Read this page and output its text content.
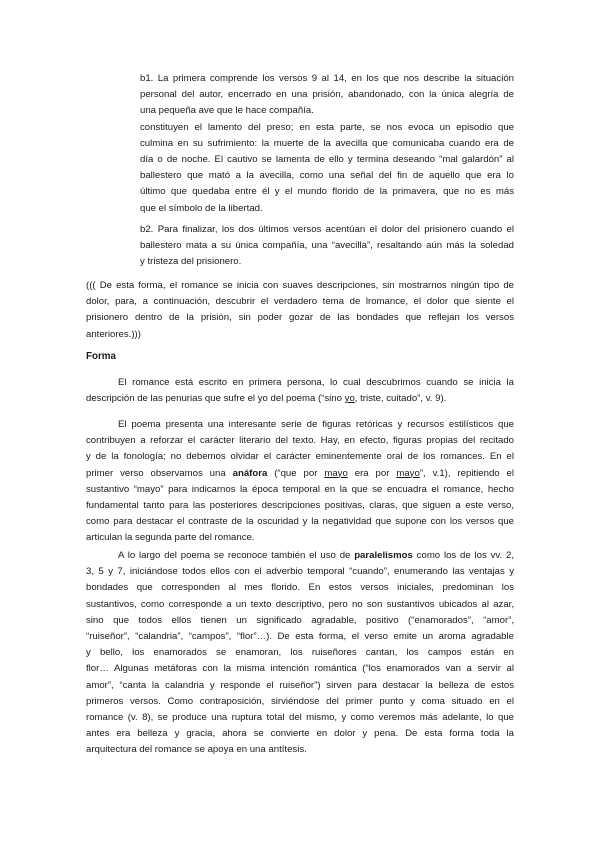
b1. La primera comprende los versos 9 al 14, en los que nos describe la situación
personal del autor, encerrado en una prisión, abandonado, con la única alegría de
una pequeña ave que le hace compañía.
constituyen el lamento del preso; en esta parte, se nos evoca un episodio que
culmina en su sufrimiento: la muerte de la avecilla que comunicaba cuando era de
día o de noche. El cautivo se lamenta de ello y termina deseando “mal galardón” al
ballestero que mató a la avecilla, como una señal del fin de aquello que era lo
último que quedaba entre él y el mundo florido de la primavera, que no es más
que el símbolo de la libertad.
b2. Para finalizar, los dos últimos versos acentúan el dolor del prisionero cuando el
ballestero mata a su única compañía, una “avecilla”, resaltando aún más la soledad
y tristeza del prisionero.
((( De esta forma, el romance se inicia con suaves descripciones, sin mostrarnos ningún tipo de
dolor, para, a continuación, descubrir el verdadero tema de lromance, el dolor que siente el
prisionero dentro de la prisión, sin poder gozar de las bondades que reflejan los versos
anteriores.)))
Forma
El romance está escrito en primera persona, lo cual descubrimos cuando se inicia la
descripción de las penurias que sufre el yo del poema (“sino yo, triste, cuitado”, v. 9).
El poema presenta una interesante serie de figuras retóricas y recursos estilísticos que
contribuyen a reforzar el carácter literario del texto. Hay, en efecto, figuras propias del recitado
y de la fonología; no debemos olvidar el carácter eminentemente oral de los romances. En el
primer verso observamos una anáfora (“que por mayo era por mayo”, v.1), repitiendo el
sustantivo “mayo” para indicarnos la época temporal en la que se encuadra el romance, hecho
fundamental tanto para las posteriores descripciones positivas, claras, que siguen a este verso,
como para destacar el contraste de la oscuridad y la negatividad que supone con los versos que
articulan la segunda parte del romance.
A lo largo del poema se reconoce también el uso de paralelismos como los de los vv. 2,
3, 5 y 7, iniciándose todos ellos con el adverbio temporal “cuando”, enumerando las ventajas y
bondades que corresponden al mes florido. En estos versos iniciales, predominan los
sustantivos, como corresponde a un texto descriptivo, pero no son sustantivos ubicados al azar,
sino que todos ellos tienen un significado agradable, positivo (“enamorados”, “amor”,
“ruiseñor”, “calandria”, “campos”, “flor”…). De esta forma, el verso emite un aroma agradable
y bello, los enamorados se enamoran, los ruiseñores cantan, los campos están en
flor… Algunas metáforas con la misma intención romántica (“los enamorados van a servir al
amor”, “canta la calandria y responde el ruiseñor”) sirven para destacar la belleza de estos
primeros versos. Como contraposición, sirviéndose del primer punto y coma situado en el
romance (v. 8), se produce una ruptura total del mismo, y como veremos más adelante, lo que
antes era belleza y gracia, ahora se convierte en dolor y pena. De esta forma toda la
arquitectura del romance se apoya en una antítesis.
